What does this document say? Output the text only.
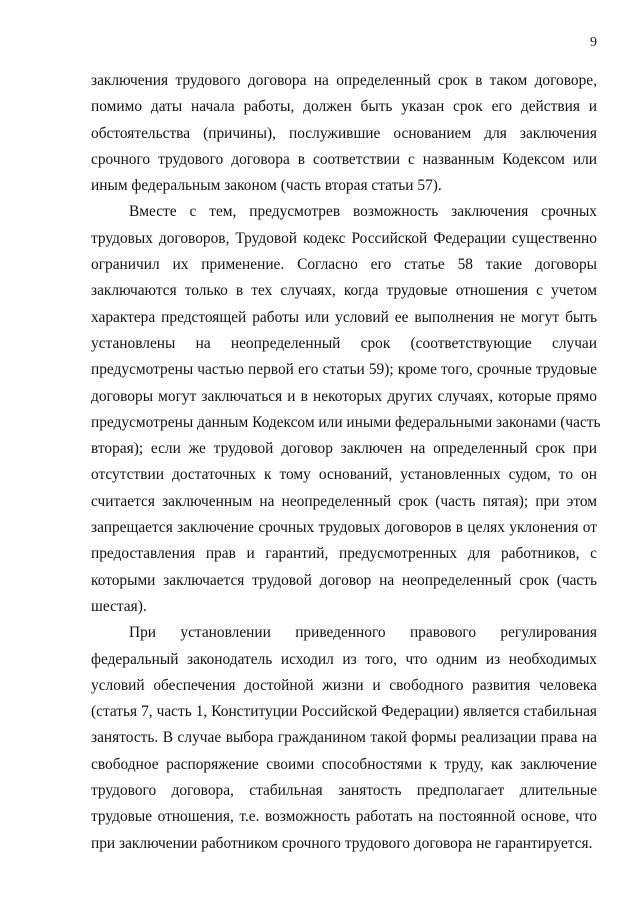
9
заключения трудового договора на определенный срок в таком договоре,
помимо даты начала работы, должен быть указан срок его действия и
обстоятельства (причины), послужившие основанием для заключения
срочного трудового договора в соответствии с названным Кодексом или
иным федеральным законом (часть вторая статьи 57).
Вместе с тем, предусмотрев возможность заключения срочных
трудовых договоров, Трудовой кодекс Российской Федерации существенно
ограничил их применение. Согласно его статье 58 такие договоры
заключаются только в тех случаях, когда трудовые отношения с учетом
характера предстоящей работы или условий ее выполнения не могут быть
установлены на неопределенный срок (соответствующие случаи
предусмотрены частью первой его статьи 59); кроме того, срочные трудовые
договоры могут заключаться и в некоторых других случаях, которые прямо
предусмотрены данным Кодексом или иными федеральными законами (часть
вторая); если же трудовой договор заключен на определенный срок при
отсутствии достаточных к тому оснований, установленных судом, то он
считается заключенным на неопределенный срок (часть пятая); при этом
запрещается заключение срочных трудовых договоров в целях уклонения от
предоставления прав и гарантий, предусмотренных для работников, с
которыми заключается трудовой договор на неопределенный срок (часть
шестая).
При установлении приведенного правового регулирования
федеральный законодатель исходил из того, что одним из необходимых
условий обеспечения достойной жизни и свободного развития человека
(статья 7, часть 1, Конституции Российской Федерации) является стабильная
занятость. В случае выбора гражданином такой формы реализации права на
свободное распоряжение своими способностями к труду, как заключение
трудового договора, стабильная занятость предполагает длительные
трудовые отношения, т.е. возможность работать на постоянной основе, что
при заключении работником срочного трудового договора не гарантируется.
